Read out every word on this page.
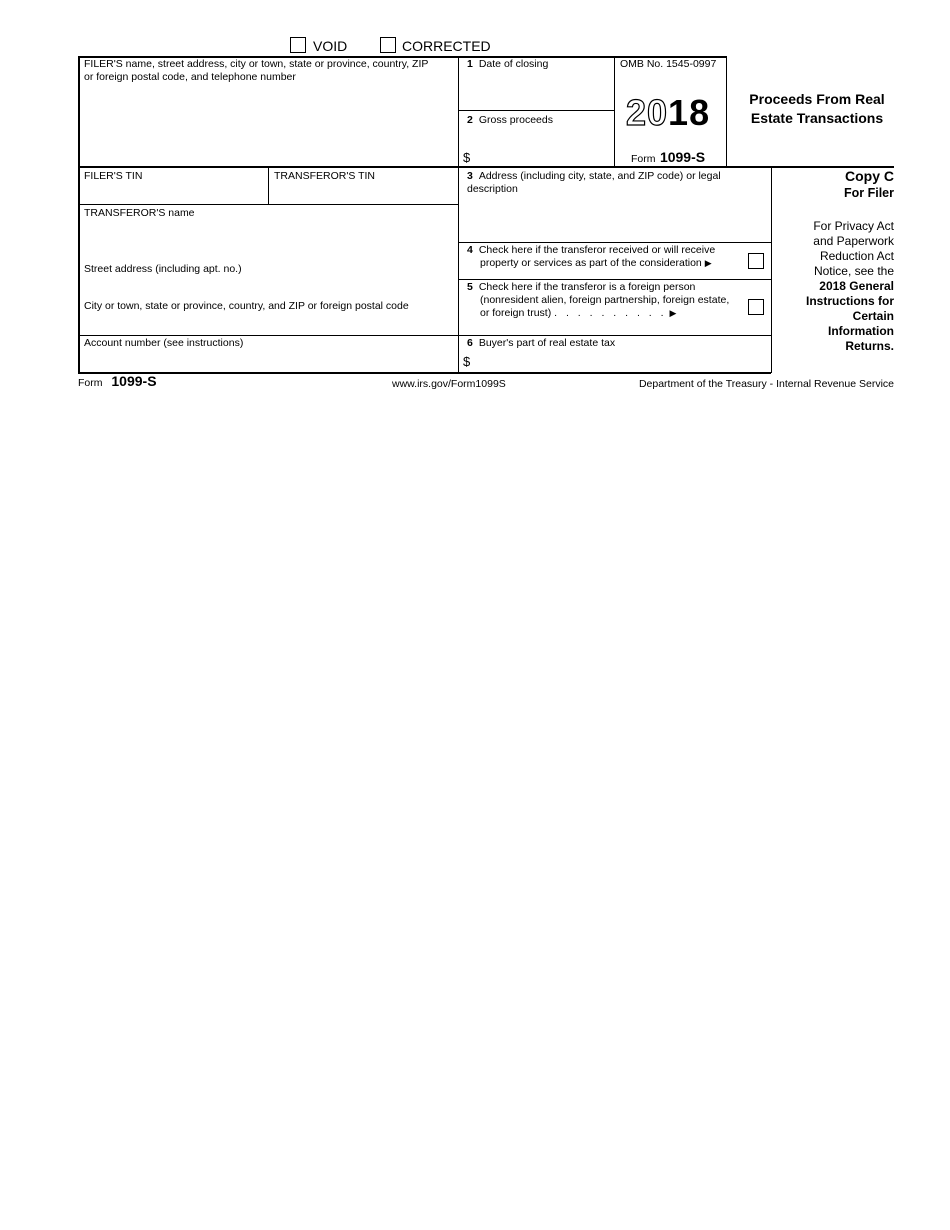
VOID	CORRECTED
FILER'S name, street address, city or town, state or province, country, ZIP
or foreign postal code, and telephone number
1 Date of closing
2 Gross proceeds
$
OMB No. 1545-0997
2018
Form 1099-S
Proceeds From Real
Estate Transactions
FILER'S TIN	TRANSFEROR'S TIN
TRANSFEROR'S name
Street address (including apt. no.)
City or town, state or province, country, and ZIP or foreign postal code
3 Address (including city, state, and ZIP code) or legal description
4 Check here if the transferor received or will receive
property or services as part of the consideration ▶
5 Check here if the transferor is a foreign person
(nonresident alien, foreign partnership, foreign estate,
or foreign trust) . . . . . . . . . . ▶
Account number (see instructions)	6 Buyer's part of real estate tax
$
Copy C
For Filer
For Privacy Act
and Paperwork
Reduction Act
Notice, see the
2018 General
Instructions for
Certain
Information
Returns.
Form 1099-S	www.irs.gov/Form1099S	Department of the Treasury - Internal Revenue Service
